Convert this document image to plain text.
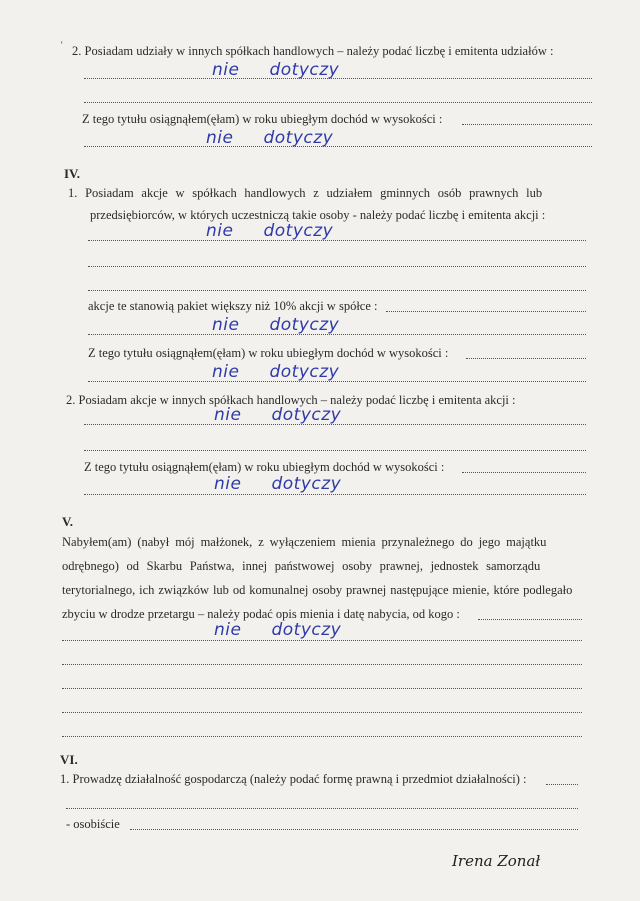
‘ 2. Posiadam udziały w innych spółkach handlowych – należy podać liczbę i emitenta udziałów :
nie dotyczy
Z tego tytułu osiągnąłem(ęłam) w roku ubiegłym dochód w wysokości :
nie dotyczy
IV.
1. Posiadam akcje w spółkach handlowych z udziałem gminnych osób prawnych lub
przedsiębiorców, w których uczestniczą takie osoby - należy podać liczbę i emitenta akcji :
nie dotyczy
akcje te stanowią pakiet większy niż 10% akcji w spółce :
nie dotyczy
Z tego tytułu osiągnąłem(ęłam) w roku ubiegłym dochód w wysokości :
nie dotyczy
2. Posiadam akcje w innych spółkach handlowych – należy podać liczbę i emitenta akcji :
nie dotyczy
Z tego tytułu osiągnąłem(ęłam) w roku ubiegłym dochód w wysokości :
nie dotyczy
V.
Nabyłem(am) (nabył mój małżonek, z wyłączeniem mienia przynależnego do jego majątku
odrębnego) od Skarbu Państwa, innej państwowej osoby prawnej, jednostek samorządu
terytorialnego, ich związków lub od komunalnej osoby prawnej następujące mienie, które podlegało
zbyciu w drodze przetargu – należy podać opis mienia i datę nabycia, od kogo :
nie dotyczy
VI.
1. Prowadzę działalność gospodarczą (należy podać formę prawną i przedmiot działalności) :
- osobiście
Irena Zonał
